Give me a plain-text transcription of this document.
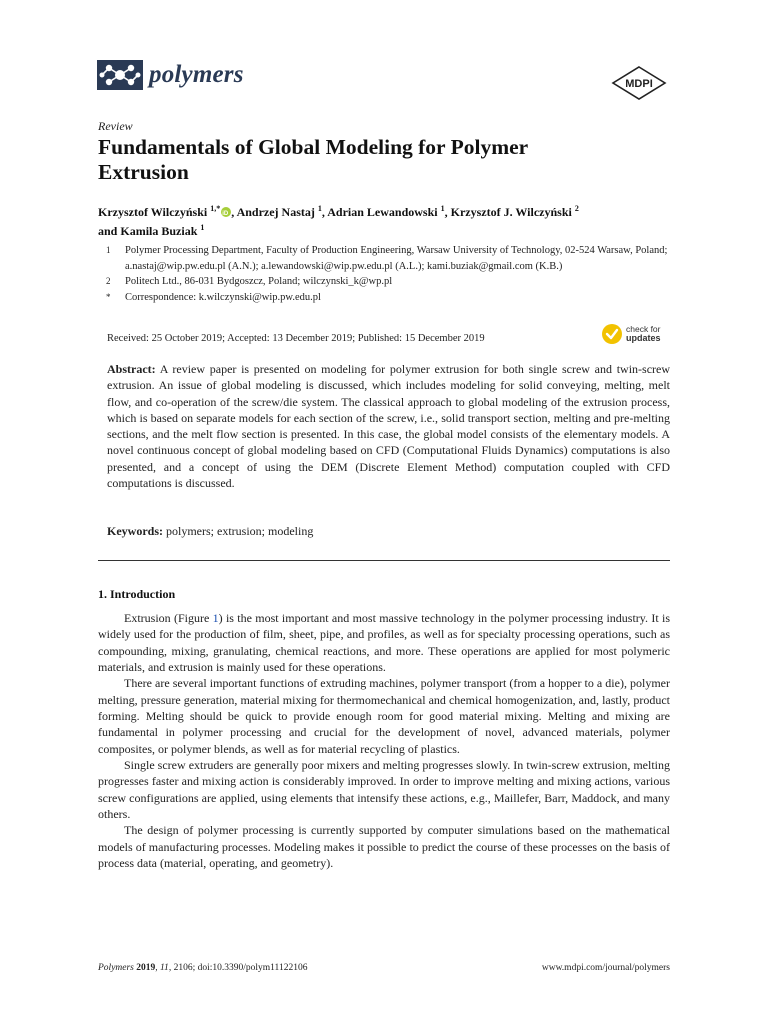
polymers	MDPI
Review
Fundamentals of Global Modeling for Polymer Extrusion
Krzysztof Wilczyński $^{1,*}$iD , Andrzej Nastaj $^1$, Adrian Lewandowski $^1$, Krzysztof J. Wilczyński $^2$
and Kamila Buziak $^1$
1	Polymer Processing Department, Faculty of Production Engineering, Warsaw University of Technology, 02-524 Warsaw, Poland; a.nastaj@wip.pw.edu.pl (A.N.); a.lewandowski@wip.pw.edu.pl (A.L.); kami.buziak@gmail.com (K.B.)
2	Politech Ltd., 86-031 Bydgoszcz, Poland; wilczynski_k@wp.pl
*	Correspondence: k.wilczynski@wip.pw.edu.pl
Received: 25 October 2019; Accepted: 13 December 2019; Published: 15 December 2019
check for
updates
Abstract: A review paper is presented on modeling for polymer extrusion for both single screw and twin-screw extrusion. An issue of global modeling is discussed, which includes modeling for solid conveying, melting, melt flow, and co-operation of the screw/die system. The classical approach to global modeling of the extrusion process, which is based on separate models for each section of the screw, i.e., solid transport section, melting and pre-melting sections, and the melt flow section is presented. In this case, the global model consists of the elementary models. A novel continuous concept of global modeling based on CFD (Computational Fluids Dynamics) computations is also presented, and a concept of using the DEM (Discrete Element Method) computation coupled with CFD computations is discussed.
Keywords: polymers; extrusion; modeling
1. Introduction

Extrusion (Figure 1) is the most important and most massive technology in the polymer processing industry. It is widely used for the production of film, sheet, pipe, and profiles, as well as for specialty processing operations, such as compounding, mixing, granulating, chemical reactions, and more. These operations are applied for most polymeric materials, and extrusion is mainly used for these operations.

There are several important functions of extruding machines, polymer transport (from a hopper to a die), polymer melting, pressure generation, material mixing for thermomechanical and chemical homogenization, and, lastly, product forming. Melting should be quick to provide enough room for good material mixing. Melting and mixing are fundamental in polymer processing and crucial for the development of novel, advanced materials, polymer composites, or polymer blends, as well as for material recycling of plastics.

Single screw extruders are generally poor mixers and melting progresses slowly. In twin-screw extrusion, melting progresses faster and mixing action is considerably improved. In order to improve melting and mixing actions, various screw configurations are applied, using elements that intensify these actions, e.g., Maillefer, Barr, Maddock, and many others.

The design of polymer processing is currently supported by computer simulations based on the mathematical models of manufacturing processes. Modeling makes it possible to predict the course of these processes on the basis of process data (material, operating, and geometry).

Polymers 2019, 11, 2106; doi:10.3390/polym11122106	www.mdpi.com/journal/polymers
